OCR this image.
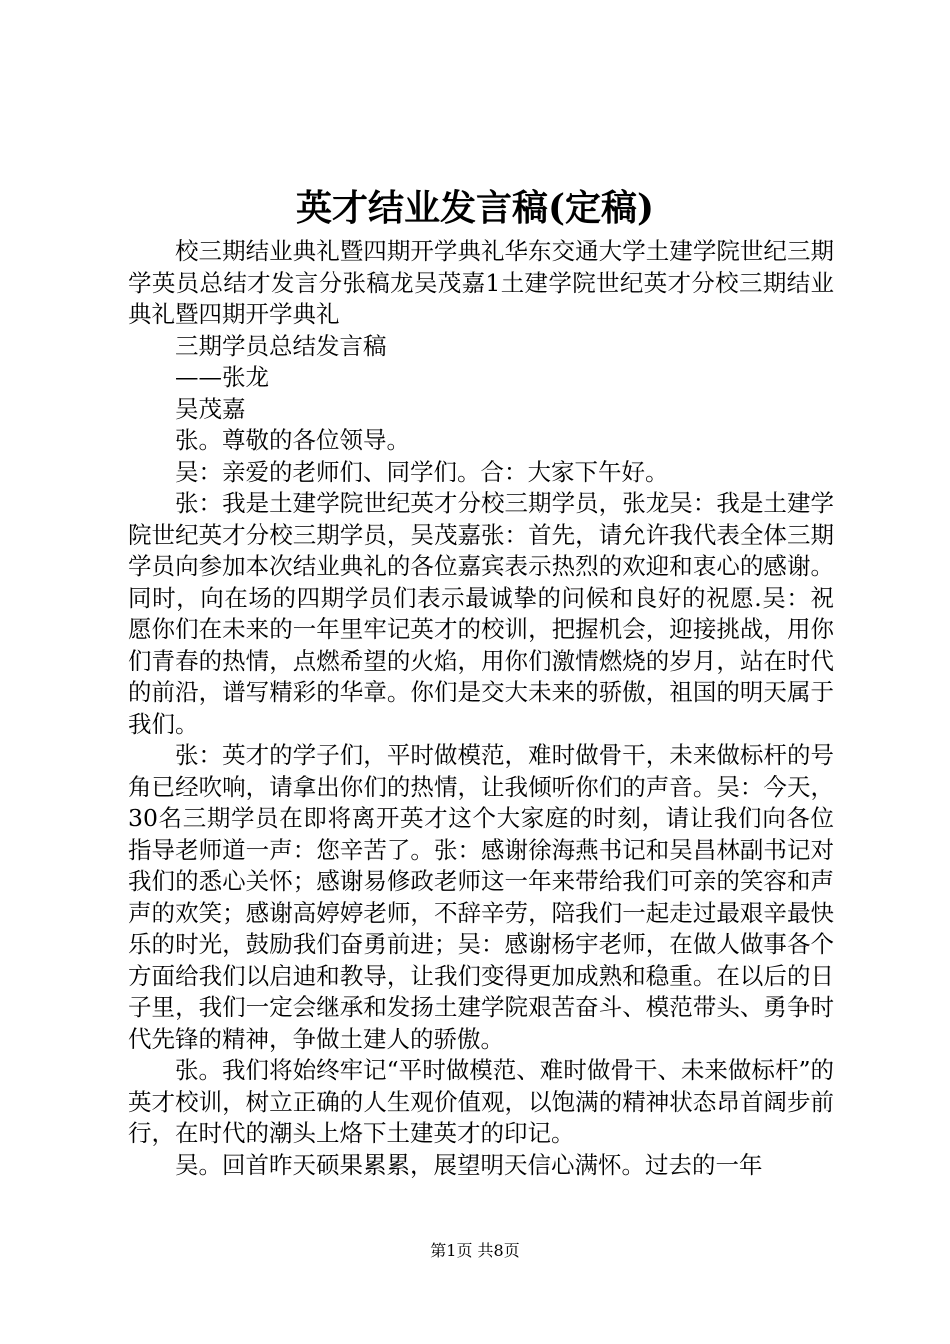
英才结业发言稿(定稿)

校三期结业典礼暨四期开学典礼华东交通大学土建学院世纪三期学英员总结才发言分张稿龙吴茂嘉1土建学院世纪英才分校三期结业典礼暨四期开学典礼

三期学员总结发言稿

——张龙

吴茂嘉

张。尊敬的各位领导。

吴：亲爱的老师们、同学们。合：大家下午好。

张：我是土建学院世纪英才分校三期学员，张龙吴：我是土建学院世纪英才分校三期学员，吴茂嘉张：首先，请允许我代表全体三期学员向参加本次结业典礼的各位嘉宾表示热烈的欢迎和衷心的感谢。同时，向在场的四期学员们表示最诚挚的问候和良好的祝愿.吴：祝愿你们在未来的一年里牢记英才的校训，把握机会，迎接挑战，用你们青春的热情，点燃希望的火焰，用你们激情燃烧的岁月，站在时代的前沿，谱写精彩的华章。你们是交大未来的骄傲，祖国的明天属于我们。

张：英才的学子们，平时做模范，难时做骨干，未来做标杆的号角已经吹响，请拿出你们的热情，让我倾听你们的声音。吴：今天，30名三期学员在即将离开英才这个大家庭的时刻，请让我们向各位指导老师道一声：您辛苦了。张：感谢徐海燕书记和吴昌林副书记对我们的悉心关怀；感谢易修政老师这一年来带给我们可亲的笑容和声声的欢笑；感谢高婷婷老师，不辞辛劳，陪我们一起走过最艰辛最快乐的时光，鼓励我们奋勇前进；吴：感谢杨宇老师，在做人做事各个方面给我们以启迪和教导，让我们变得更加成熟和稳重。在以后的日子里，我们一定会继承和发扬土建学院艰苦奋斗、模范带头、勇争时代先锋的精神，争做土建人的骄傲。

张。我们将始终牢记“平时做模范、难时做骨干、未来做标杆”的英才校训，树立正确的人生观价值观，以饱满的精神状态昂首阔步前行，在时代的潮头上烙下土建英才的印记。

吴。回首昨天硕果累累，展望明天信心满怀。过去的一年

第1页 共8页
